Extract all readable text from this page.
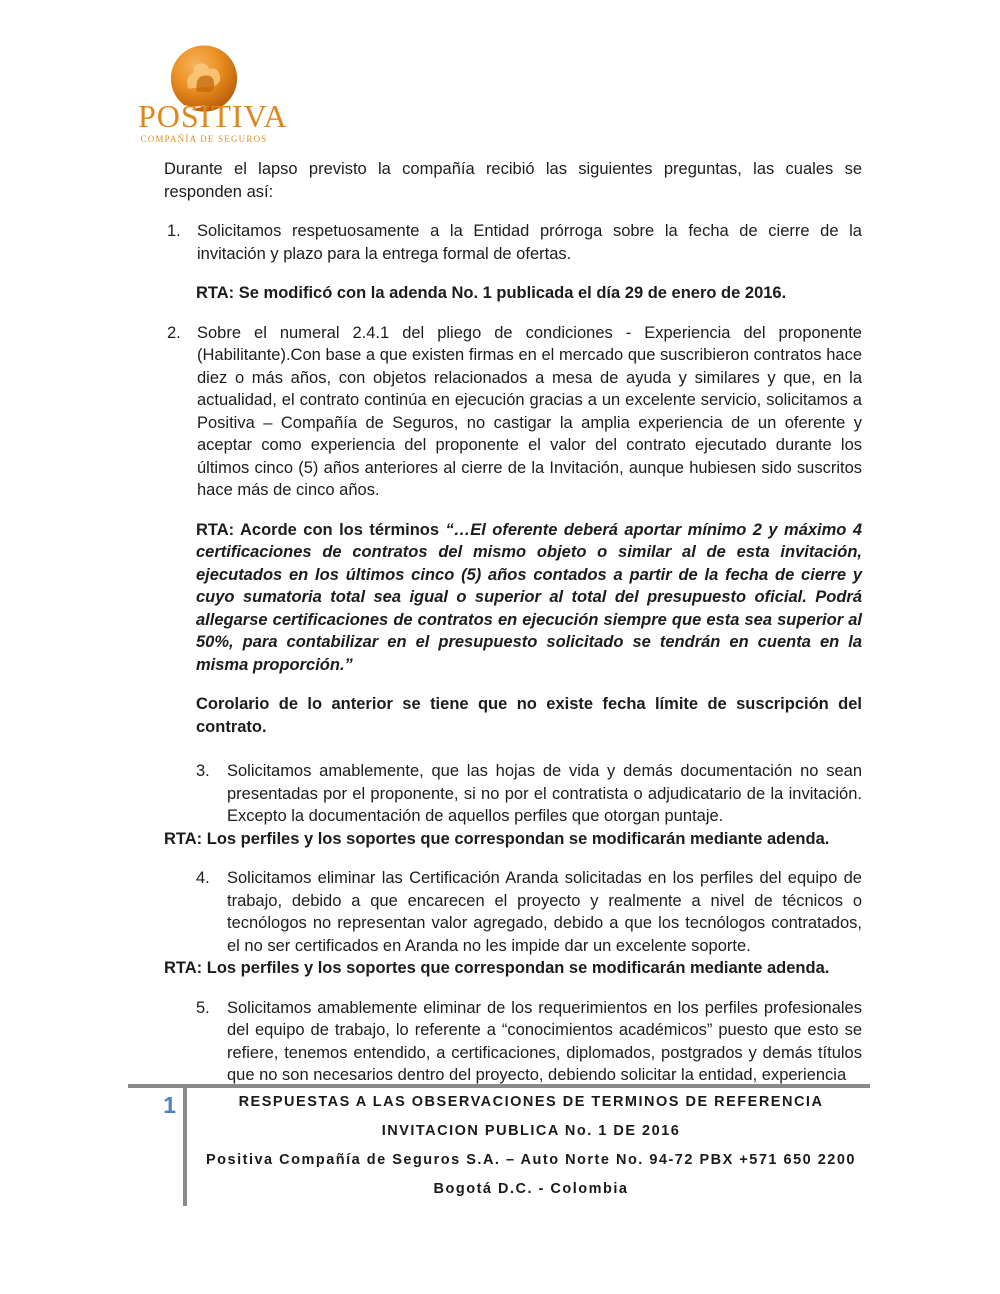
POSITIVA
COMPAÑÍA DE SEGUROS

Durante el lapso previsto la compañía recibió las siguientes preguntas, las cuales se responden así:

1. Solicitamos respetuosamente a la Entidad prórroga sobre la fecha de cierre de la invitación y plazo para la entrega formal de ofertas.

RTA: Se modificó con la adenda No. 1 publicada el día 29 de enero de 2016.

2. Sobre el numeral 2.4.1 del pliego de condiciones - Experiencia del proponente (Habilitante).Con base a que existen firmas en el mercado que suscribieron contratos hace diez o más años, con objetos relacionados a mesa de ayuda y similares y que, en la actualidad, el contrato continúa en ejecución gracias a un excelente servicio, solicitamos a Positiva – Compañía de Seguros, no castigar la amplia experiencia de un oferente y aceptar como experiencia del proponente el valor del contrato ejecutado durante los últimos cinco (5) años anteriores al cierre de la Invitación, aunque hubiesen sido suscritos hace más de cinco años.

RTA: Acorde con los términos “…El oferente deberá aportar mínimo 2 y máximo 4 certificaciones de contratos del mismo objeto o similar al de esta invitación, ejecutados en los últimos cinco (5) años contados a partir de la fecha de cierre y cuyo sumatoria total sea igual o superior al total del presupuesto oficial. Podrá allegarse certificaciones de contratos en ejecución siempre que esta sea superior al 50%, para contabilizar en el presupuesto solicitado se tendrán en cuenta en la misma proporción.”

Corolario de lo anterior se tiene que no existe fecha límite de suscripción del contrato.

3. Solicitamos amablemente, que las hojas de vida y demás documentación no sean presentadas por el proponente, si no por el contratista o adjudicatario de la invitación. Excepto la documentación de aquellos perfiles que otorgan puntaje.

RTA: Los perfiles y los soportes que correspondan se modificarán mediante adenda.

4. Solicitamos eliminar las Certificación Aranda solicitadas en los perfiles del equipo de trabajo, debido a que encarecen el proyecto y realmente a nivel de técnicos o tecnólogos no representan valor agregado, debido a que los tecnólogos contratados, el no ser certificados en Aranda no les impide dar un excelente soporte.

RTA: Los perfiles y los soportes que correspondan se modificarán mediante adenda.

5. Solicitamos amablemente eliminar de los requerimientos en los perfiles profesionales del equipo de trabajo, lo referente a “conocimientos académicos” puesto que esto se refiere, tenemos entendido, a certificaciones, diplomados, postgrados y demás títulos que no son necesarios dentro del proyecto, debiendo solicitar la entidad, experiencia
1	RESPUESTAS A LAS OBSERVACIONES DE TERMINOS DE REFERENCIA
INVITACION PUBLICA No. 1 DE 2016
Positiva Compañía de Seguros S.A. – Auto Norte No. 94-72 PBX +571 650 2200
Bogotá D.C. - Colombia
